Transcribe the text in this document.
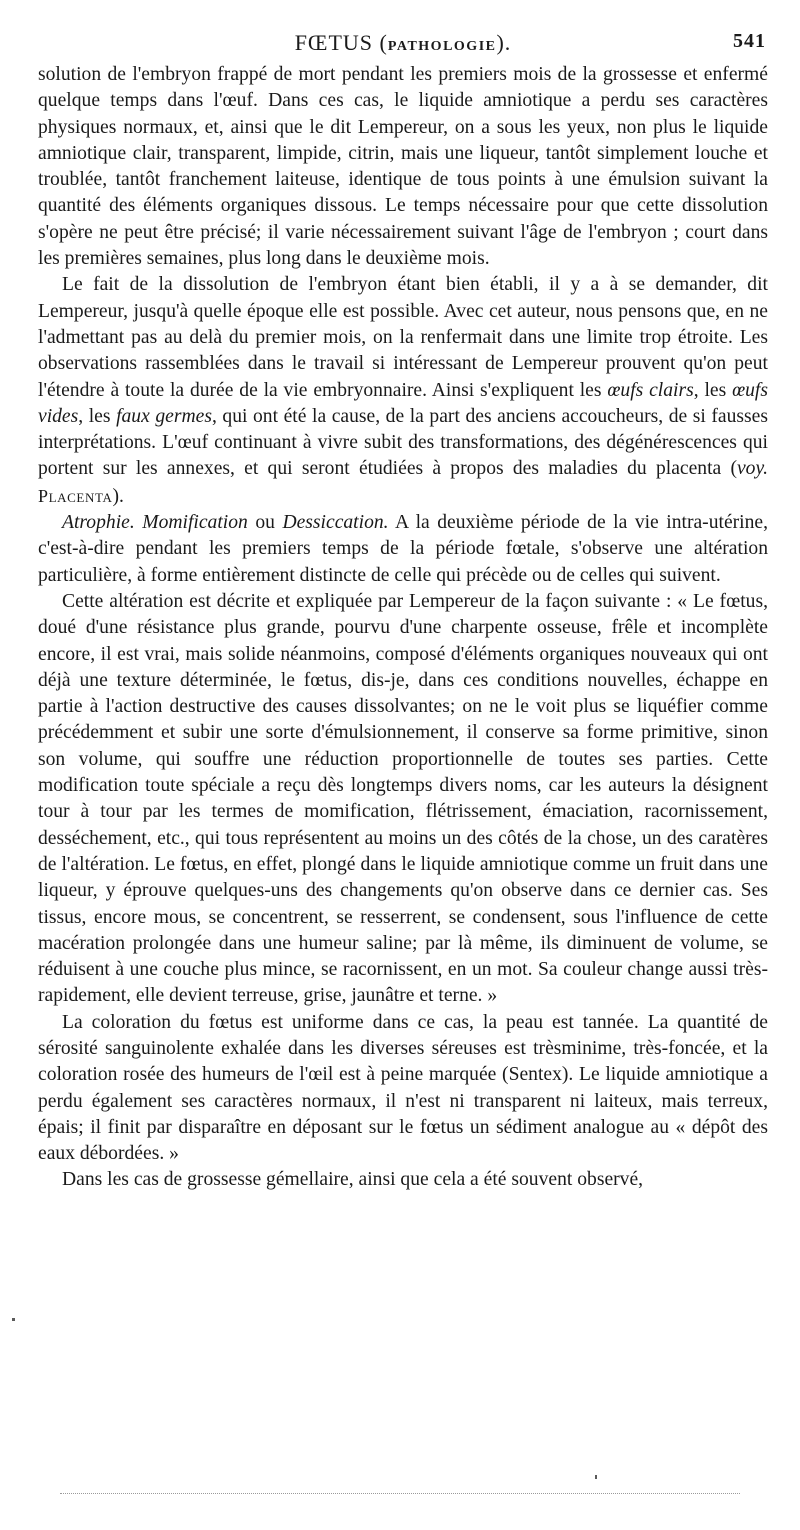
FŒTUS (PATHOLOGIE).	541

solution de l'embryon frappé de mort pendant les premiers mois de la grossesse et enfermé quelque temps dans l'œuf. Dans ces cas, le liquide amniotique a perdu ses caractères physiques normaux, et, ainsi que le dit Lempereur, on a sous les yeux, non plus le liquide amniotique clair, transparent, limpide, citrin, mais une liqueur, tantôt simplement louche et troublée, tantôt franchement laiteuse, identique de tous points à une émulsion suivant la quantité des éléments organiques dissous. Le temps nécessaire pour que cette dissolution s'opère ne peut être précisé; il varie nécessairement suivant l'âge de l'embryon ; court dans les premières semaines, plus long dans le deuxième mois.

Le fait de la dissolution de l'embryon étant bien établi, il y a à se demander, dit Lempereur, jusqu'à quelle époque elle est possible. Avec cet auteur, nous pensons que, en ne l'admettant pas au delà du premier mois, on la renfermait dans une limite trop étroite. Les observations rassemblées dans le travail si intéressant de Lempereur prouvent qu'on peut l'étendre à toute la durée de la vie embryonnaire. Ainsi s'expliquent les œufs clairs, les œufs vides, les faux germes, qui ont été la cause, de la part des anciens accoucheurs, de si fausses interprétations. L'œuf continuant à vivre subit des transformations, des dégénérescences qui portent sur les annexes, et qui seront étudiées à propos des maladies du placenta (voy. Placenta).

Atrophie. Momification ou Dessiccation. A la deuxième période de la vie intra-utérine, c'est-à-dire pendant les premiers temps de la période fœtale, s'observe une altération particulière, à forme entièrement distincte de celle qui précède ou de celles qui suivent.

Cette altération est décrite et expliquée par Lempereur de la façon suivante : « Le fœtus, doué d'une résistance plus grande, pourvu d'une charpente osseuse, frêle et incomplète encore, il est vrai, mais solide néanmoins, composé d'éléments organiques nouveaux qui ont déjà une texture déterminée, le fœtus, dis-je, dans ces conditions nouvelles, échappe en partie à l'action destructive des causes dissolvantes; on ne le voit plus se liquéfier comme précédemment et subir une sorte d'émulsionnement, il conserve sa forme primitive, sinon son volume, qui souffre une réduction proportionnelle de toutes ses parties. Cette modification toute spéciale a reçu dès longtemps divers noms, car les auteurs la désignent tour à tour par les termes de momification, flétrissement, émaciation, racornissement, desséchement, etc., qui tous représentent au moins un des côtés de la chose, un des caratères de l'altération. Le fœtus, en effet, plongé dans le liquide amniotique comme un fruit dans une liqueur, y éprouve quelques-uns des changements qu'on observe dans ce dernier cas. Ses tissus, encore mous, se concentrent, se resserrent, se condensent, sous l'influence de cette macération prolongée dans une humeur saline; par là même, ils diminuent de volume, se réduisent à une couche plus mince, se racornissent, en un mot. Sa couleur change aussi très-rapidement, elle devient terreuse, grise, jaunâtre et terne. »

La coloration du fœtus est uniforme dans ce cas, la peau est tannée. La quantité de sérosité sanguinolente exhalée dans les diverses séreuses est trèsminime, très-foncée, et la coloration rosée des humeurs de l'œil est à peine marquée (Sentex). Le liquide amniotique a perdu également ses caractères normaux, il n'est ni transparent ni laiteux, mais terreux, épais; il finit par disparaître en déposant sur le fœtus un sédiment analogue au « dépôt des eaux débordées. »

Dans les cas de grossesse gémellaire, ainsi que cela a été souvent observé,
